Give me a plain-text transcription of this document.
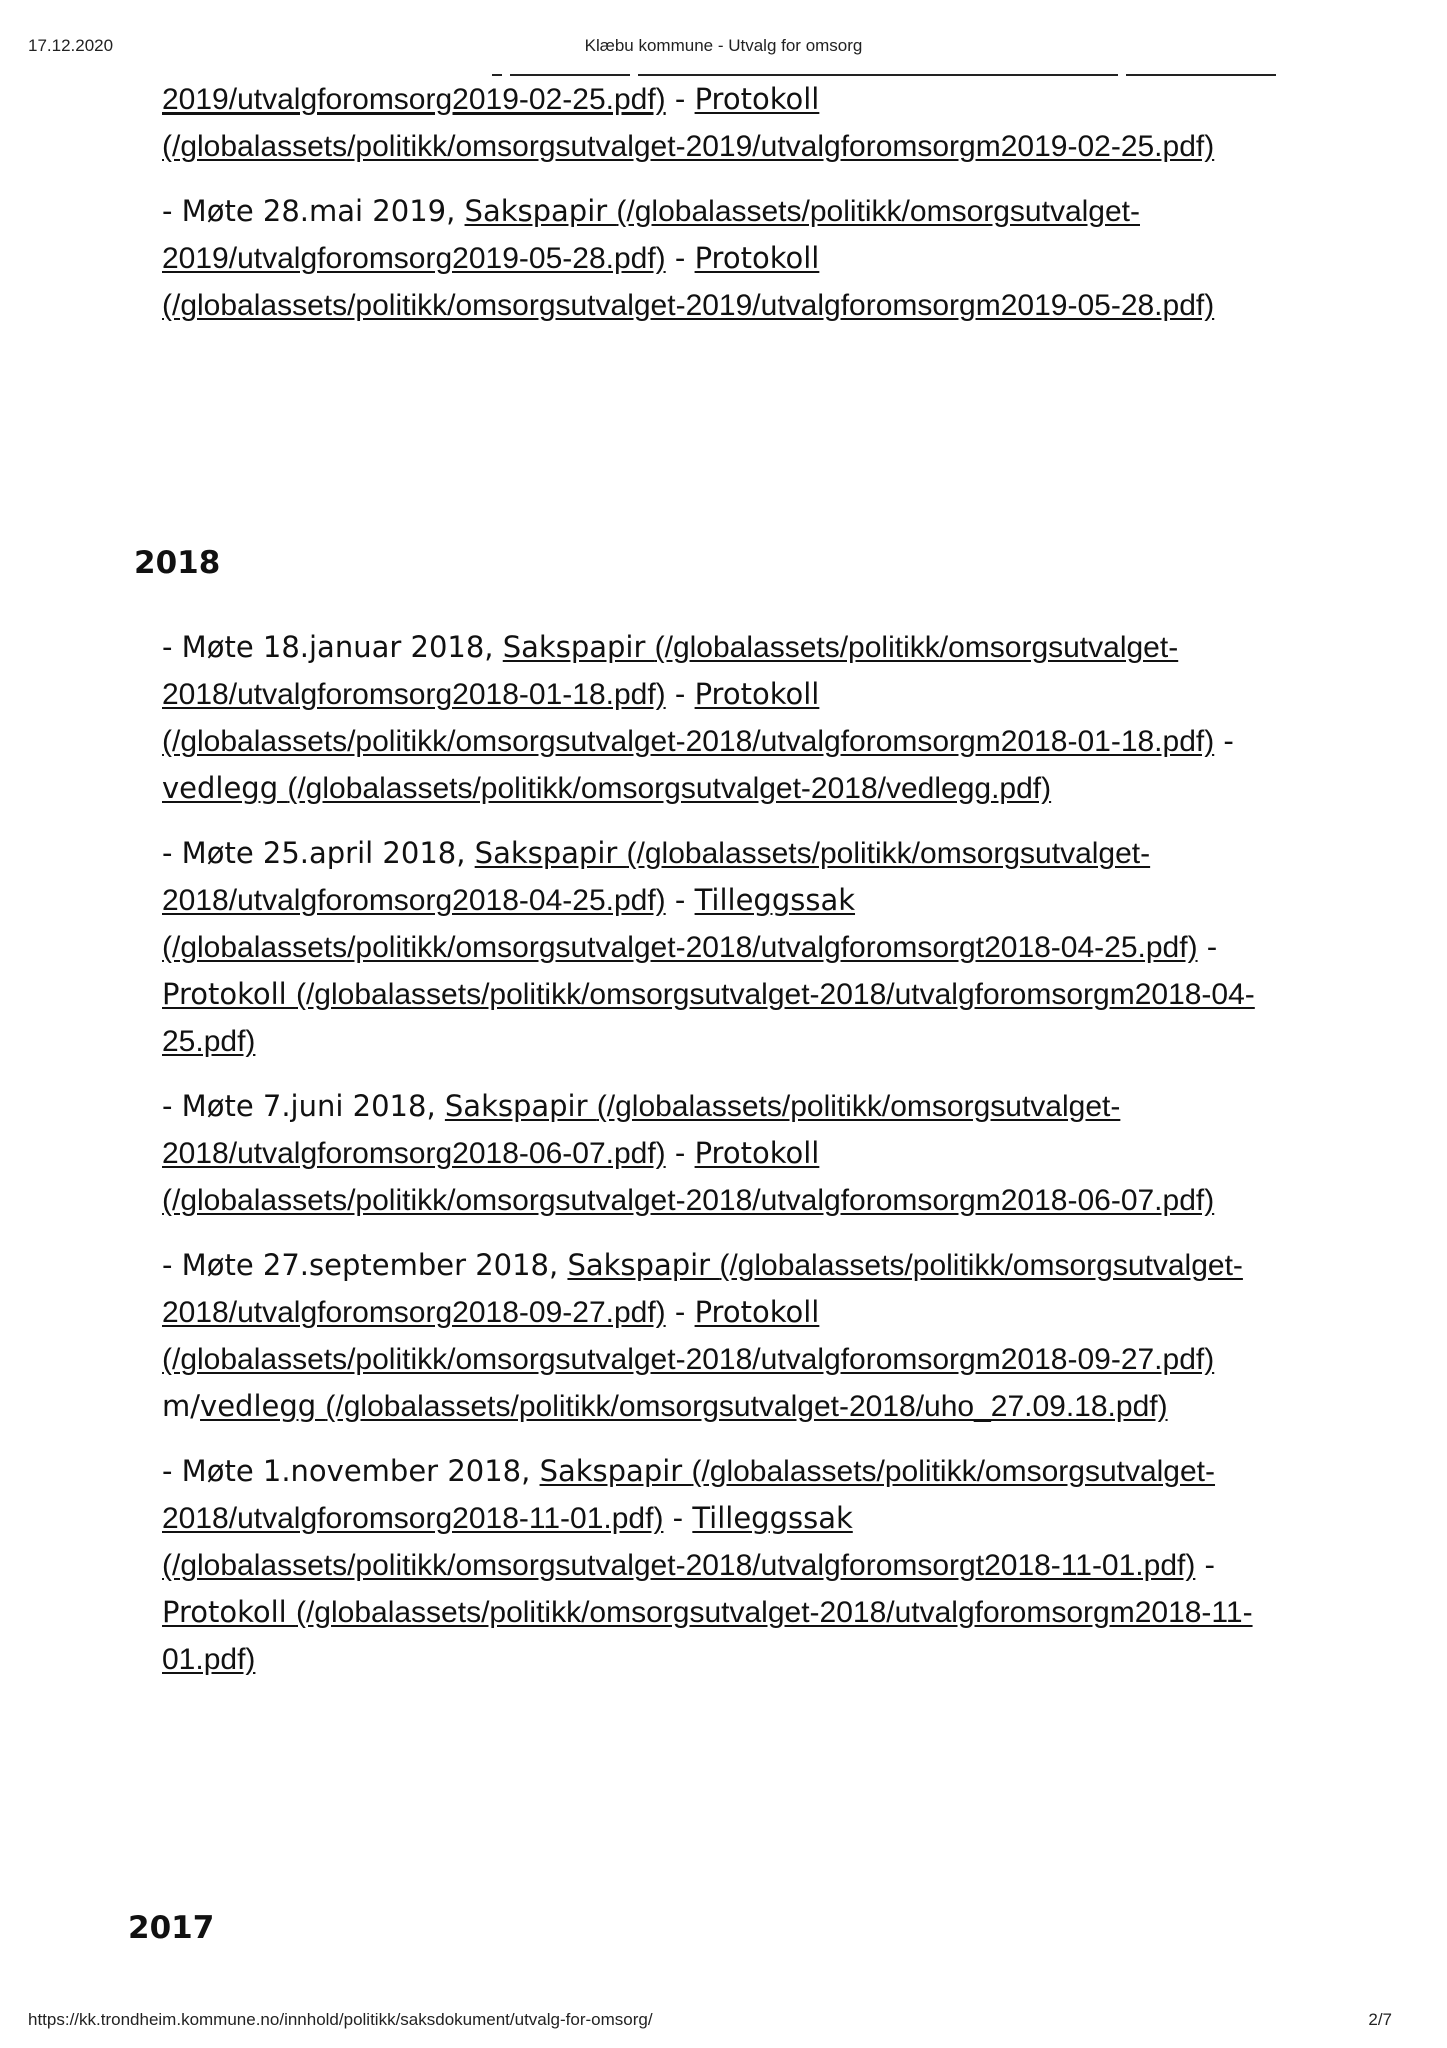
17.12.2020	Klæbu kommune - Utvalg for omsorg

2019/utvalgforomsorg2019-02-25.pdf) - Protokoll
(/globalassets/politikk/omsorgsutvalget-2019/utvalgforomsorgm2019-02-25.pdf)

- Møte 28.mai 2019, Sakspapir (/globalassets/politikk/omsorgsutvalget-2019/utvalgforomsorg2019-05-28.pdf) - Protokoll
(/globalassets/politikk/omsorgsutvalget-2019/utvalgforomsorgm2019-05-28.pdf)

2018

- Møte 18.januar 2018, Sakspapir (/globalassets/politikk/omsorgsutvalget-2018/utvalgforomsorg2018-01-18.pdf) - Protokoll
(/globalassets/politikk/omsorgsutvalget-2018/utvalgforomsorgm2018-01-18.pdf) - vedlegg (/globalassets/politikk/omsorgsutvalget-2018/vedlegg.pdf)

- Møte 25.april 2018, Sakspapir (/globalassets/politikk/omsorgsutvalget-2018/utvalgforomsorg2018-04-25.pdf) - Tilleggssak
(/globalassets/politikk/omsorgsutvalget-2018/utvalgforomsorgt2018-04-25.pdf) - Protokoll (/globalassets/politikk/omsorgsutvalget-2018/utvalgforomsorgm2018-04-25.pdf)

- Møte 7.juni 2018, Sakspapir (/globalassets/politikk/omsorgsutvalget-2018/utvalgforomsorg2018-06-07.pdf) - Protokoll
(/globalassets/politikk/omsorgsutvalget-2018/utvalgforomsorgm2018-06-07.pdf)

- Møte 27.september 2018, Sakspapir (/globalassets/politikk/omsorgsutvalget-2018/utvalgforomsorg2018-09-27.pdf) - Protokoll
(/globalassets/politikk/omsorgsutvalget-2018/utvalgforomsorgm2018-09-27.pdf) m/vedlegg (/globalassets/politikk/omsorgsutvalget-2018/uho_27.09.18.pdf)

- Møte 1.november 2018, Sakspapir (/globalassets/politikk/omsorgsutvalget-2018/utvalgforomsorg2018-11-01.pdf) - Tilleggssak
(/globalassets/politikk/omsorgsutvalget-2018/utvalgforomsorgt2018-11-01.pdf) - Protokoll (/globalassets/politikk/omsorgsutvalget-2018/utvalgforomsorgm2018-11-01.pdf)

2017
https://kk.trondheim.kommune.no/innhold/politikk/saksdokument/utvalg-for-omsorg/	2/7
